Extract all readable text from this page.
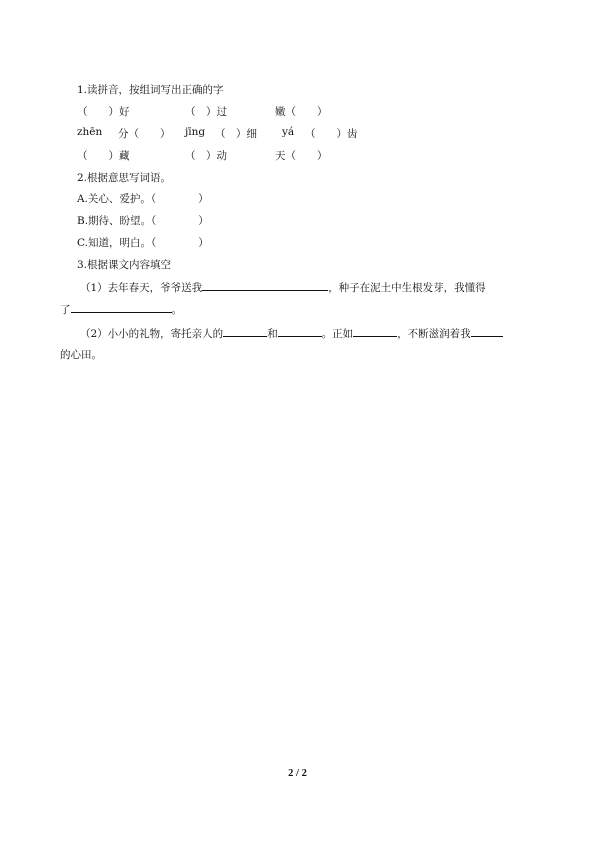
1.读拼音，按组词写出正确的字
（　　）好	（　）过	嫩（　　）
zhēn 分（　　） jīng （　）细 yá （　　）齿
（　　）藏	（　）动	天（　　）
2.根据意思写词语。
A.关心、爱护。（　　　　）
B.期待、盼望。（　　　　）
C.知道，明白。（　　　　）
3.根据课文内容填空
（1）去年春天，爷爷送我	，种子在泥土中生根发芽，我懂得
了	。
（2）小小的礼物，寄托亲人的	和	。正如	，不断滋润着我
的心田。
2 / 2
